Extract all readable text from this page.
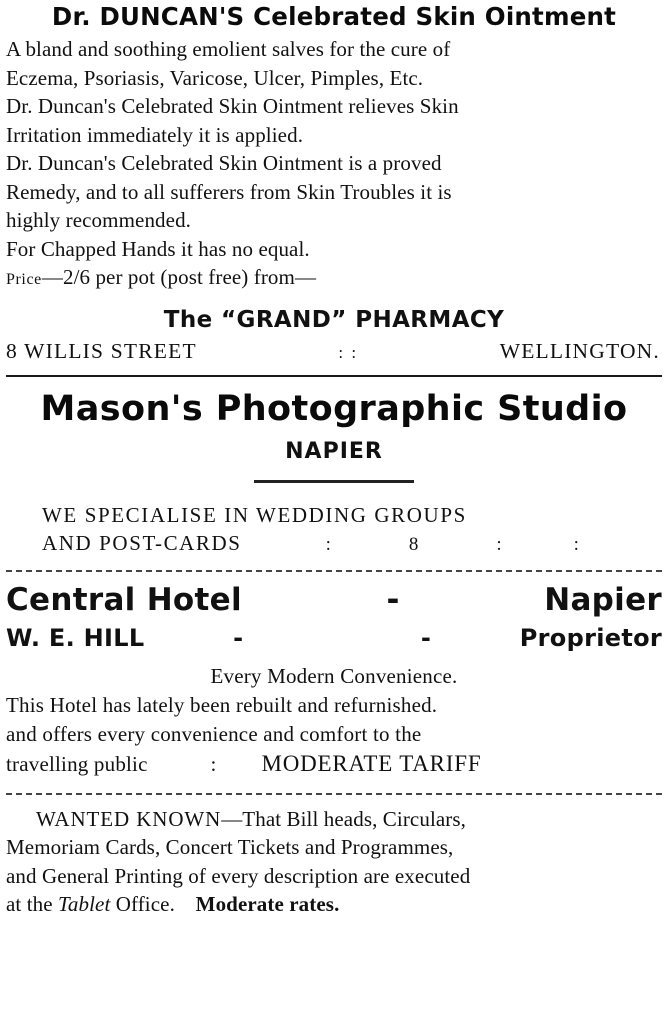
Dr. DUNCAN'S Celebrated Skin Ointment
A bland and soothing emolient salves for the cure of
Eczema, Psoriasis, Varicose, Ulcer, Pimples, Etc.
Dr. Duncan's Celebrated Skin Ointment relieves Skin
Irritation immediately it is applied.
Dr. Duncan's Celebrated Skin Ointment is a proved
Remedy, and to all sufferers from Skin Troubles it is
highly recommended.
For Chapped Hands it has no equal.
Price—2/6 per pot (post free) from—
The “GRAND” PHARMACY
8 WILLIS STREET	: :	WELLINGTON.
Mason's Photographic Studio
NAPIER
WE SPECIALISE IN WEDDING GROUPS
AND POST-CARDS	:	8	:	:
Central Hotel	-	Napier
W. E. HILL	-	-	Proprietor
Every Modern Convenience.
This Hotel has lately been rebuilt and refurnished.
and offers every convenience and comfort to the
travelling public	: MODERATE TARIFF
WANTED KNOWN—That Bill heads, Circulars,
Memoriam Cards, Concert Tickets and Programmes,
and General Printing of every description are executed
at the Tablet Office. Moderate rates.
